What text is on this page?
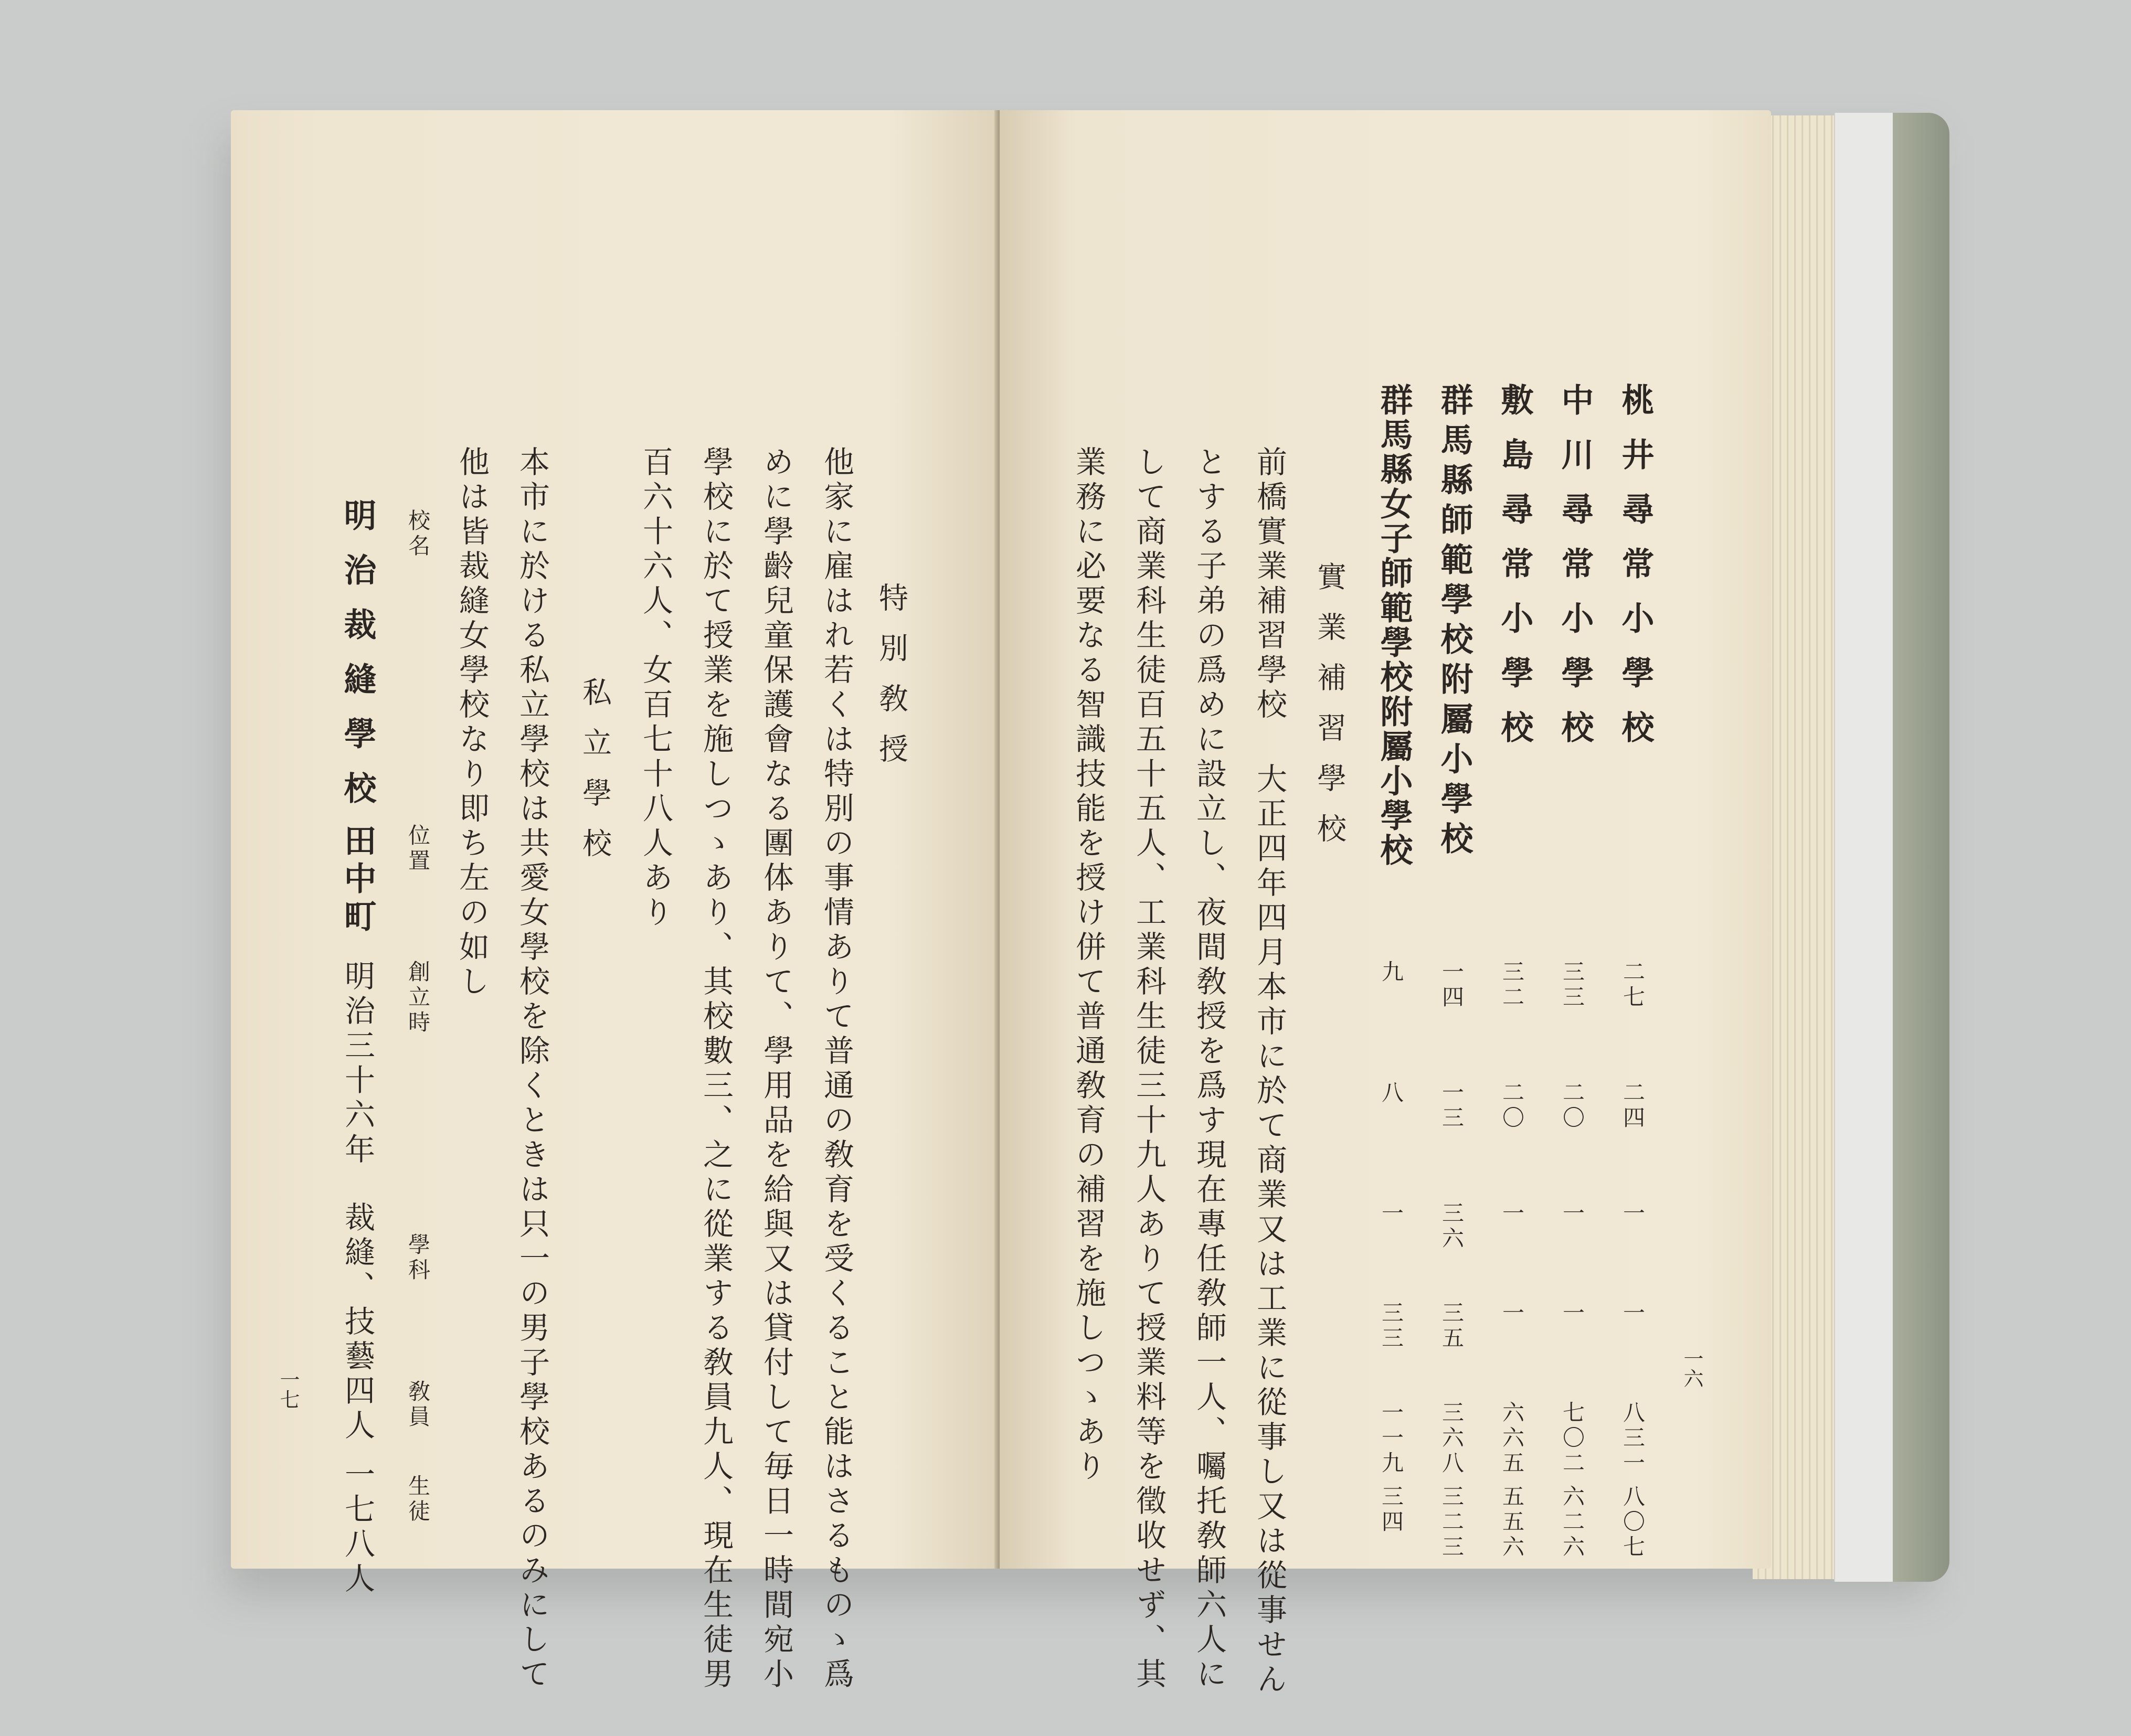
特別敎授
他家に雇はれ若くは特別の事情ありて普通の敎育を受くること能はさるものゝ爲
めに學齡兒童保護會なる團体ありて、學用品を給與又は貸付して毎日一時間宛小
學校に於て授業を施しつゝあり、其校數三、之に從業する敎員九人、現在生徒男
百六十六人、女百七十八人あり
私立學校
本市に於ける私立學校は共愛女學校を除くときは只一の男子學校あるのみにして
他は皆裁縫女學校なり即ち左の如し
校名
位置
創立時
學科
敎員
生徒
明治裁縫學校
田中町
明治三十六年
裁縫、技藝
四人
一七八人
一七
一六
桃井尋常小學校
二七
二四
一
一
八三一
八〇七
中川尋常小學校
三三
二〇
一
一
七〇二
六二六
敷島尋常小學校
三二
二〇
一
一
六六五
五五六
群馬縣師範學校附屬小學校
一四
一三
三六
三五
三六八
三二三
群馬縣女子師範學校附屬小學校
九
八
一
三三
一一九
三四
實業補習學校
前橋實業補習學校 大正四年四月本市に於て商業又は工業に從事し又は從事せん
とする子弟の爲めに設立し、夜間敎授を爲す現在專任敎師一人、囑托敎師六人に
して商業科生徒百五十五人、工業科生徒三十九人ありて授業料等を徵收せず、其
業務に必要なる智識技能を授け併て普通敎育の補習を施しつゝあり
